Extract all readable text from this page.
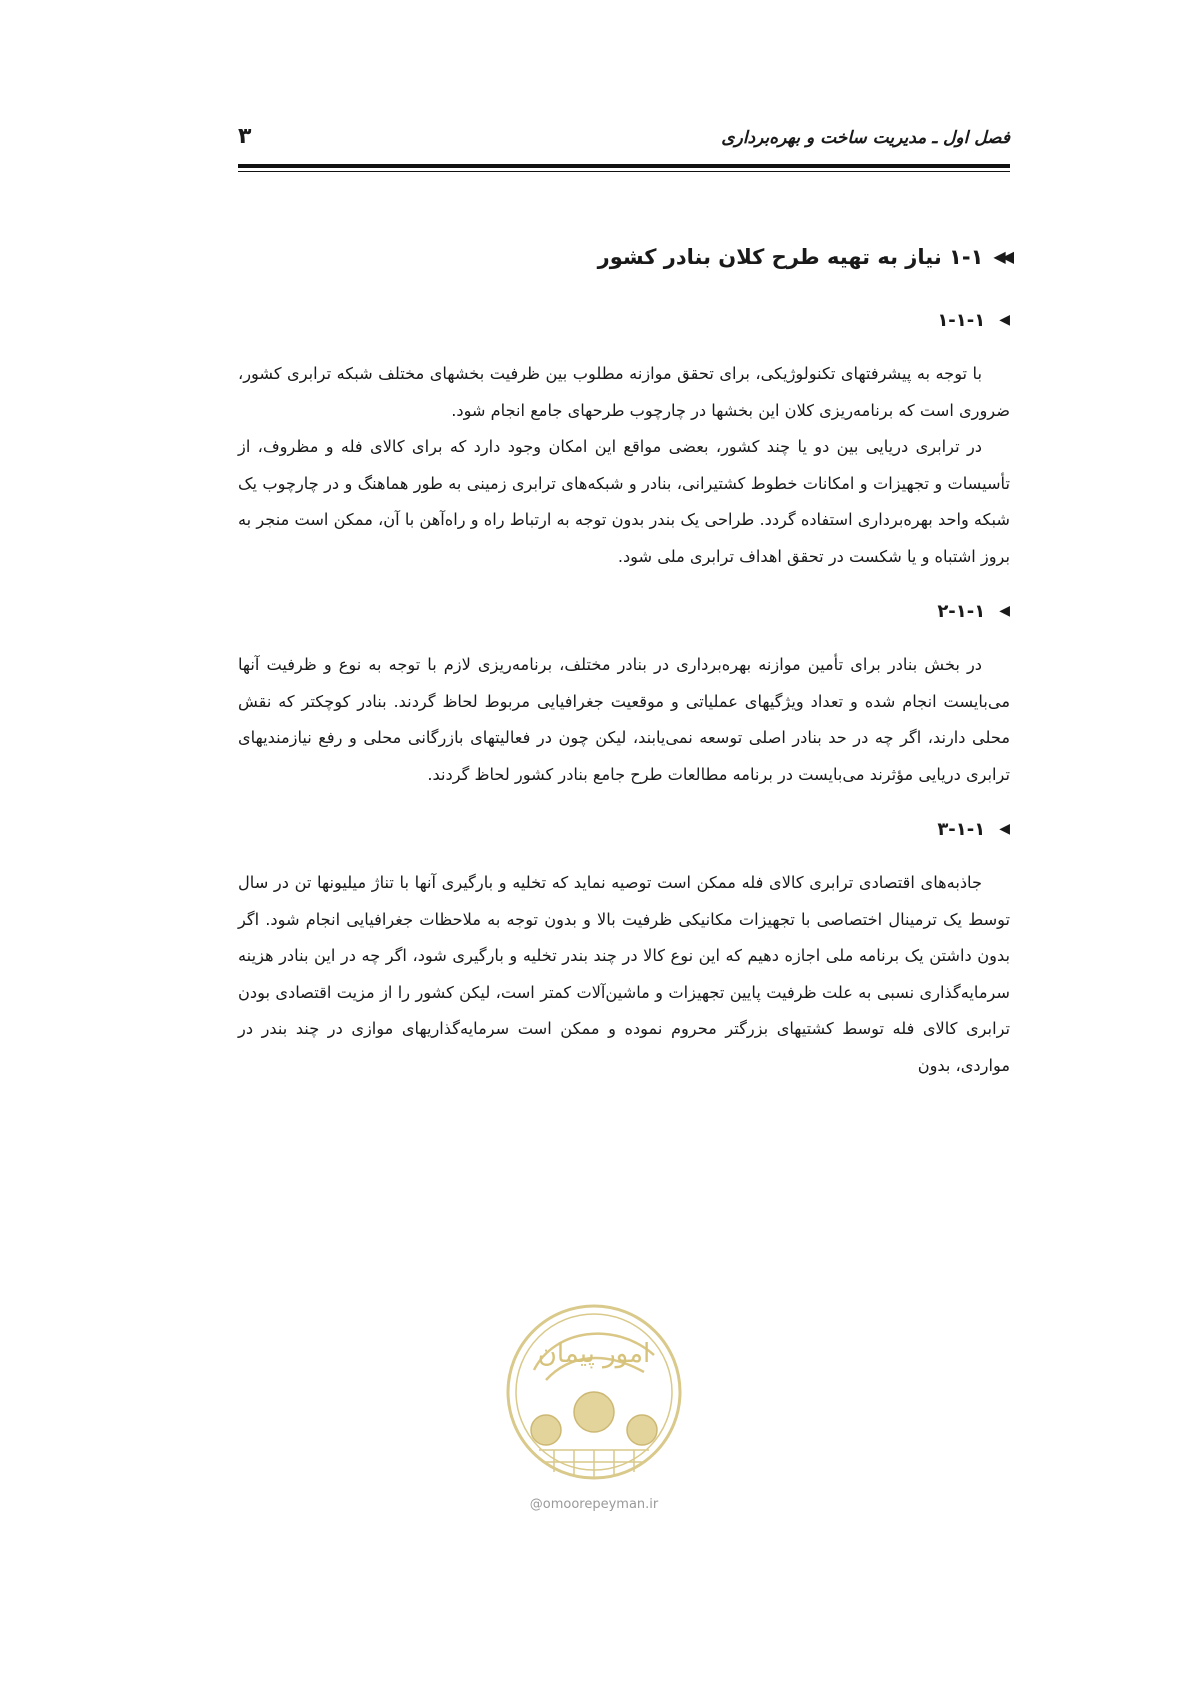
فصل اول ـ مدیریت ساخت و بهره‌برداری
۳
◀◀
۱-۱ نیاز به تهیه طرح کلان بنادر کشور
◀
۱-۱-۱

با توجه به پیشرفتهای تکنولوژیکی، برای تحقق موازنه مطلوب بین ظرفیت بخشهای مختلف شبکه ترابری کشور، ضروری است که برنامه‌ریزی کلان این بخشها در چارچوب طرحهای جامع انجام شود.

در ترابری دریایی بین دو یا چند کشور، بعضی مواقع این امکان وجود دارد که برای کالای فله و مظروف، از تأسیسات و تجهیزات و امکانات خطوط کشتیرانی، بنادر و شبکه‌های ترابری زمینی به طور هماهنگ و در چارچوب یک شبکه واحد بهره‌برداری استفاده گردد. طراحی یک بندر بدون توجه به ارتباط راه و راه‌آهن با آن، ممکن است منجر به بروز اشتباه و یا شکست در تحقق اهداف ترابری ملی شود.

◀
۲-۱-۱

در بخش بنادر برای تأمین موازنه بهره‌برداری در بنادر مختلف، برنامه‌ریزی لازم با توجه به نوع و ظرفیت آنها می‌بایست انجام شده و تعداد ویژگیهای عملیاتی و موقعیت جغرافیایی مربوط لحاظ گردند. بنادر کوچکتر که نقش محلی دارند، اگر چه در حد بنادر اصلی توسعه نمی‌یابند، لیکن چون در فعالیتهای بازرگانی محلی و رفع نیازمندیهای ترابری دریایی مؤثرند می‌بایست در برنامه مطالعات طرح جامع بنادر کشور لحاظ گردند.

◀
۳-۱-۱

جاذبه‌های اقتصادی ترابری کالای فله ممکن است توصیه نماید که تخلیه و بارگیری آنها با تناژ میلیونها تن در سال توسط یک ترمینال اختصاصی با تجهیزات مکانیکی ظرفیت بالا و بدون توجه به ملاحظات جغرافیایی انجام شود. اگر بدون داشتن یک برنامه ملی اجازه دهیم که این نوع کالا در چند بندر تخلیه و بارگیری شود، اگر چه در این بنادر هزینه سرمایه‌گذاری نسبی به علت ظرفیت پایین تجهیزات و ماشین‌آلات کمتر است، لیکن کشور را از مزیت اقتصادی بودن ترابری کالای فله توسط کشتیهای بزرگتر محروم نموده و ممکن است سرمایه‌گذاریهای موازی در چند بندر در مواردی، بدون

امور پیمان
@omoorepeyman.ir
